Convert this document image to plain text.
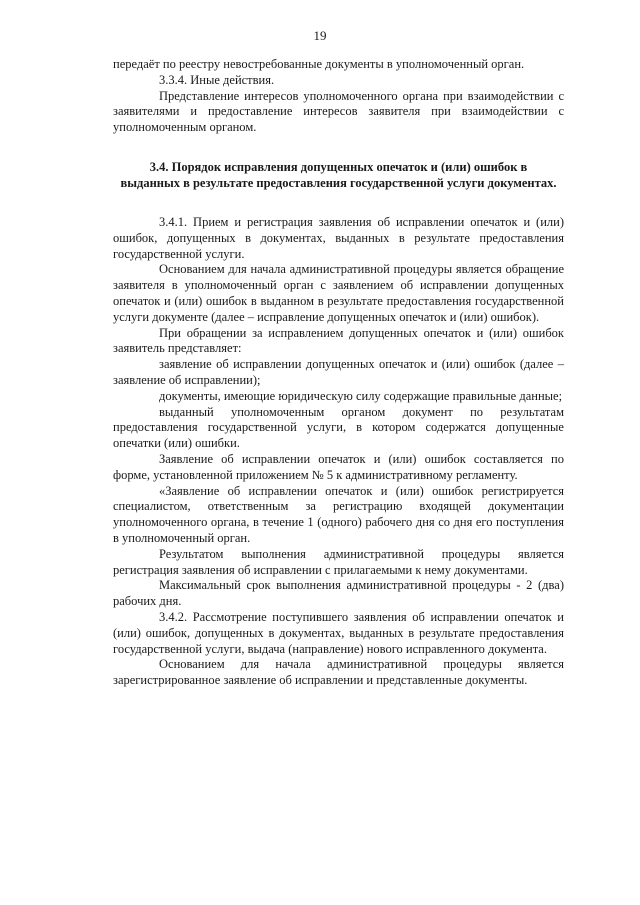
19

передаёт по реестру невостребованные документы в уполномоченный орган.

3.3.4. Иные действия.

Представление интересов уполномоченного органа при взаимодействии с заявителями и предоставление интересов заявителя при взаимодействии с уполномоченным органом.

3.4. Порядок исправления допущенных опечаток и (или) ошибок в выданных в результате предоставления государственной услуги документах.

3.4.1. Прием и регистрация заявления об исправлении опечаток и (или) ошибок, допущенных в документах, выданных в результате предоставления государственной услуги.

Основанием для начала административной процедуры является обращение заявителя в уполномоченный орган с заявлением об исправлении допущенных опечаток и (или) ошибок в выданном в результате предоставления государственной услуги документе (далее – исправление допущенных опечаток и (или) ошибок).

При обращении за исправлением допущенных опечаток и (или) ошибок заявитель представляет:

заявление об исправлении допущенных опечаток и (или) ошибок (далее – заявление об исправлении);

документы, имеющие юридическую силу содержащие правильные данные;

выданный уполномоченным органом документ по результатам предоставления государственной услуги, в котором содержатся допущенные опечатки (или) ошибки.

Заявление об исправлении опечаток и (или) ошибок составляется по форме, установленной приложением № 5 к административному регламенту.

«Заявление об исправлении опечаток и (или) ошибок регистрируется специалистом, ответственным за регистрацию входящей документации уполномоченного органа, в течение 1 (одного) рабочего дня со дня его поступления в уполномоченный орган.

Результатом выполнения административной процедуры является регистрация заявления об исправлении с прилагаемыми к нему документами.

Максимальный срок выполнения административной процедуры - 2 (два) рабочих дня.

3.4.2. Рассмотрение поступившего заявления об исправлении опечаток и (или) ошибок, допущенных в документах, выданных в результате предоставления государственной услуги, выдача (направление) нового исправленного документа.

Основанием для начала административной процедуры является зарегистрированное заявление об исправлении и представленные документы.
